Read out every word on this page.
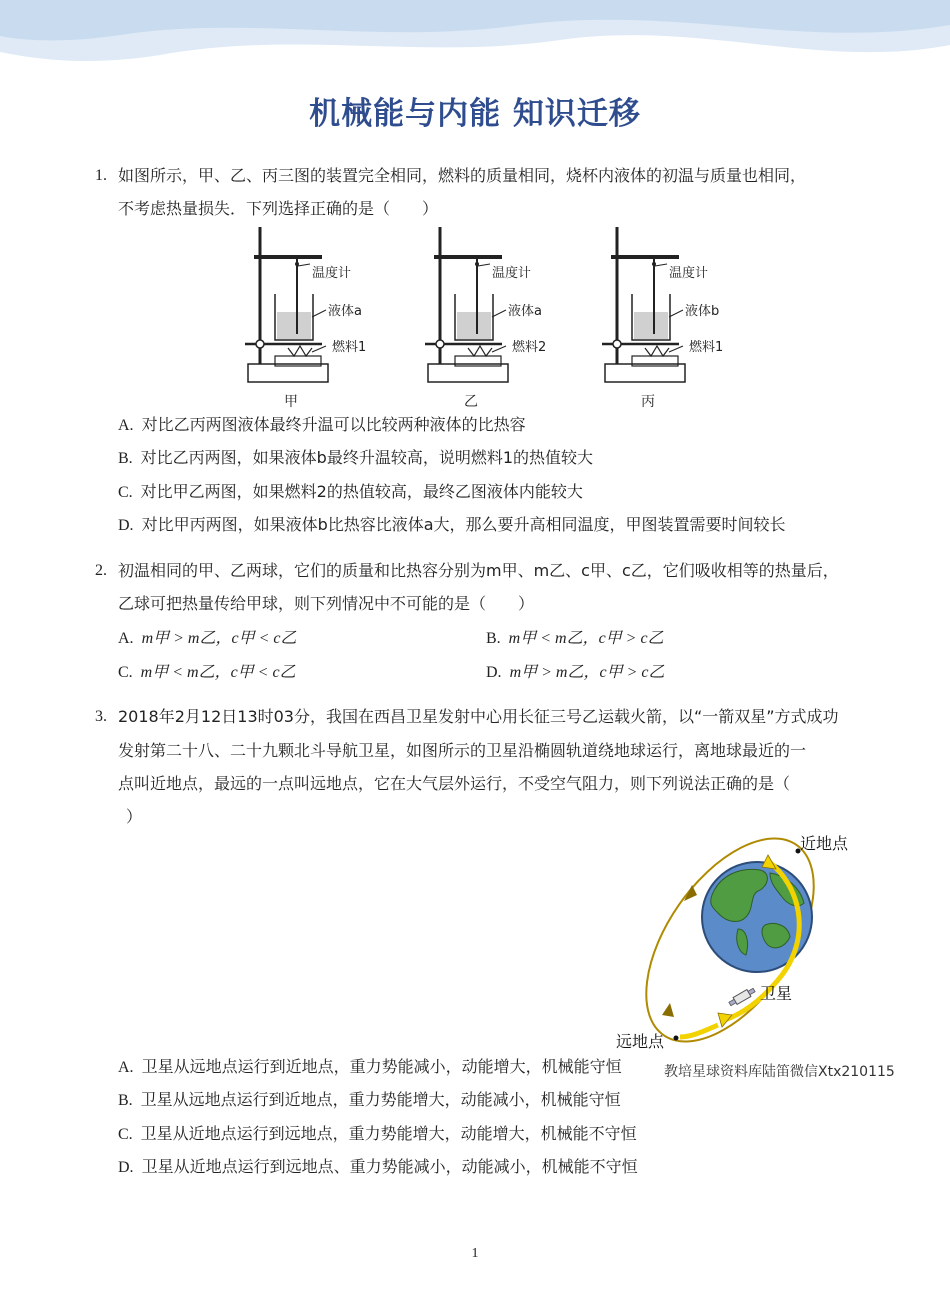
机械能与内能 知识迁移
1. 如图所示，甲、乙、丙三图的装置完全相同，燃料的质量相同，烧杯内液体的初温与质量也相同，
不考虑热量损失．下列选择正确的是（　　）
温度计
液体a
燃料1
甲
温度计
液体a
燃料2
乙
温度计
液体b
燃料1
丙
A. 对比乙丙两图液体最终升温可以比较两种液体的比热容
B. 对比乙丙两图，如果液体b最终升温较高，说明燃料1的热值较大
C. 对比甲乙两图，如果燃料2的热值较高，最终乙图液体内能较大
D. 对比甲丙两图，如果液体b比热容比液体a大，那么要升高相同温度，甲图装置需要时间较长
2. 初温相同的甲、乙两球，它们的质量和比热容分别为m甲、m乙、c甲、c乙，它们吸收相等的热量后，
乙球可把热量传给甲球，则下列情况中不可能的是（　　）
A. m甲 > m乙，c甲 < c乙	B. m甲 < m乙，c甲 > c乙
C. m甲 < m乙，c甲 < c乙	D. m甲 > m乙，c甲 > c乙
3. 2018年2月12日13时03分，我国在西昌卫星发射中心用长征三号乙运载火箭，以“一箭双星”方式成功
发射第二十八、二十九颗北斗导航卫星，如图所示的卫星沿椭圆轨道绕地球运行，离地球最近的一
点叫近地点，最远的一点叫远地点，它在大气层外运行，不受空气阻力，则下列说法正确的是（
）
近地点
卫星
远地点
A. 卫星从远地点运行到近地点，重力势能减小，动能增大，机械能守恒	教培星球资料库陆笛微信Xtx210115
B. 卫星从远地点运行到近地点，重力势能增大，动能减小，机械能守恒
C. 卫星从近地点运行到远地点，重力势能增大，动能增大，机械能不守恒
D. 卫星从近地点运行到远地点、重力势能减小，动能减小，机械能不守恒
1
